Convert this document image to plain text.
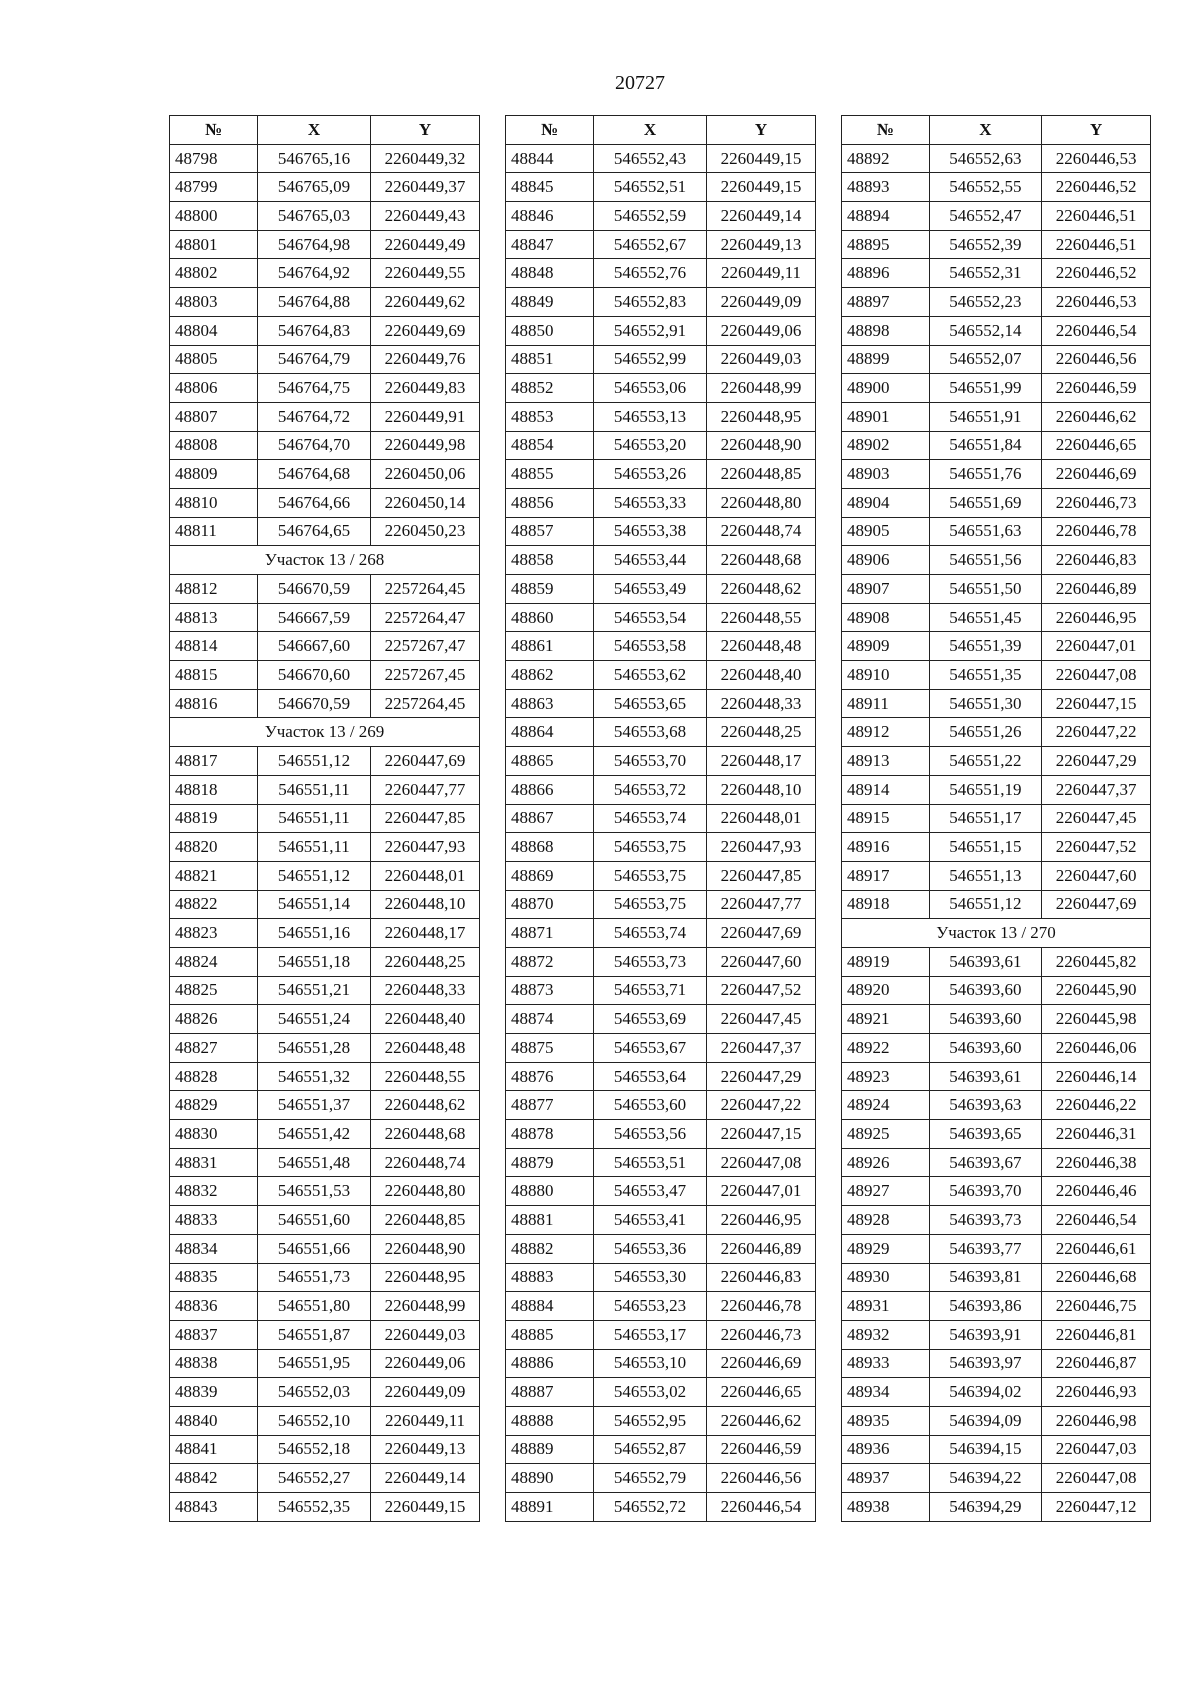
20727
№	X	Y
48798	546765,16	2260449,32
48799	546765,09	2260449,37
48800	546765,03	2260449,43
48801	546764,98	2260449,49
48802	546764,92	2260449,55
48803	546764,88	2260449,62
48804	546764,83	2260449,69
48805	546764,79	2260449,76
48806	546764,75	2260449,83
48807	546764,72	2260449,91
48808	546764,70	2260449,98
48809	546764,68	2260450,06
48810	546764,66	2260450,14
48811	546764,65	2260450,23
Участок 13 / 268		
48812	546670,59	2257264,45
48813	546667,59	2257264,47
48814	546667,60	2257267,47
48815	546670,60	2257267,45
48816	546670,59	2257264,45
Участок 13 / 269		
48817	546551,12	2260447,69
48818	546551,11	2260447,77
48819	546551,11	2260447,85
48820	546551,11	2260447,93
48821	546551,12	2260448,01
48822	546551,14	2260448,10
48823	546551,16	2260448,17
48824	546551,18	2260448,25
48825	546551,21	2260448,33
48826	546551,24	2260448,40
48827	546551,28	2260448,48
48828	546551,32	2260448,55
48829	546551,37	2260448,62
48830	546551,42	2260448,68
48831	546551,48	2260448,74
48832	546551,53	2260448,80
48833	546551,60	2260448,85
48834	546551,66	2260448,90
48835	546551,73	2260448,95
48836	546551,80	2260448,99
48837	546551,87	2260449,03
48838	546551,95	2260449,06
48839	546552,03	2260449,09
48840	546552,10	2260449,11
48841	546552,18	2260449,13
48842	546552,27	2260449,14
48843	546552,35	2260449,15
№	X	Y
48844	546552,43	2260449,15
48845	546552,51	2260449,15
48846	546552,59	2260449,14
48847	546552,67	2260449,13
48848	546552,76	2260449,11
48849	546552,83	2260449,09
48850	546552,91	2260449,06
48851	546552,99	2260449,03
48852	546553,06	2260448,99
48853	546553,13	2260448,95
48854	546553,20	2260448,90
48855	546553,26	2260448,85
48856	546553,33	2260448,80
48857	546553,38	2260448,74
48858	546553,44	2260448,68
48859	546553,49	2260448,62
48860	546553,54	2260448,55
48861	546553,58	2260448,48
48862	546553,62	2260448,40
48863	546553,65	2260448,33
48864	546553,68	2260448,25
48865	546553,70	2260448,17
48866	546553,72	2260448,10
48867	546553,74	2260448,01
48868	546553,75	2260447,93
48869	546553,75	2260447,85
48870	546553,75	2260447,77
48871	546553,74	2260447,69
48872	546553,73	2260447,60
48873	546553,71	2260447,52
48874	546553,69	2260447,45
48875	546553,67	2260447,37
48876	546553,64	2260447,29
48877	546553,60	2260447,22
48878	546553,56	2260447,15
48879	546553,51	2260447,08
48880	546553,47	2260447,01
48881	546553,41	2260446,95
48882	546553,36	2260446,89
48883	546553,30	2260446,83
48884	546553,23	2260446,78
48885	546553,17	2260446,73
48886	546553,10	2260446,69
48887	546553,02	2260446,65
48888	546552,95	2260446,62
48889	546552,87	2260446,59
48890	546552,79	2260446,56
48891	546552,72	2260446,54
№	X	Y
48892	546552,63	2260446,53
48893	546552,55	2260446,52
48894	546552,47	2260446,51
48895	546552,39	2260446,51
48896	546552,31	2260446,52
48897	546552,23	2260446,53
48898	546552,14	2260446,54
48899	546552,07	2260446,56
48900	546551,99	2260446,59
48901	546551,91	2260446,62
48902	546551,84	2260446,65
48903	546551,76	2260446,69
48904	546551,69	2260446,73
48905	546551,63	2260446,78
48906	546551,56	2260446,83
48907	546551,50	2260446,89
48908	546551,45	2260446,95
48909	546551,39	2260447,01
48910	546551,35	2260447,08
48911	546551,30	2260447,15
48912	546551,26	2260447,22
48913	546551,22	2260447,29
48914	546551,19	2260447,37
48915	546551,17	2260447,45
48916	546551,15	2260447,52
48917	546551,13	2260447,60
48918	546551,12	2260447,69
Участок 13 / 270		
48919	546393,61	2260445,82
48920	546393,60	2260445,90
48921	546393,60	2260445,98
48922	546393,60	2260446,06
48923	546393,61	2260446,14
48924	546393,63	2260446,22
48925	546393,65	2260446,31
48926	546393,67	2260446,38
48927	546393,70	2260446,46
48928	546393,73	2260446,54
48929	546393,77	2260446,61
48930	546393,81	2260446,68
48931	546393,86	2260446,75
48932	546393,91	2260446,81
48933	546393,97	2260446,87
48934	546394,02	2260446,93
48935	546394,09	2260446,98
48936	546394,15	2260447,03
48937	546394,22	2260447,08
48938	546394,29	2260447,12
